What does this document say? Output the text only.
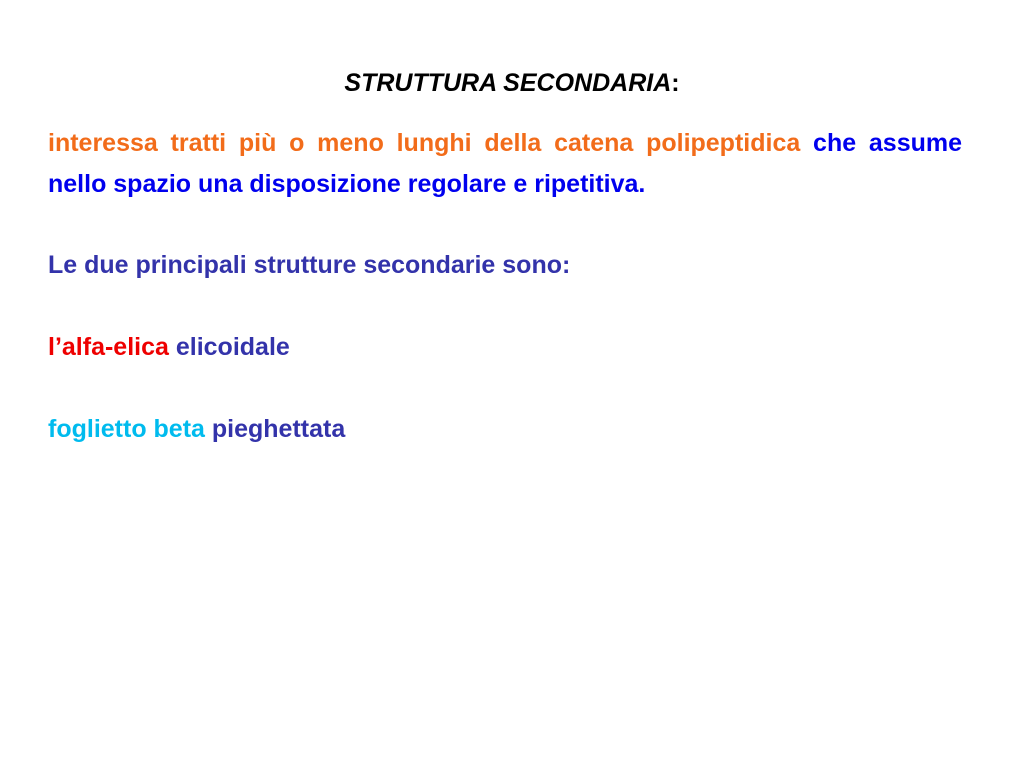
STRUTTURA SECONDARIA:
interessa tratti più o meno lunghi della catena polipeptidica che assume nello spazio una disposizione regolare e ripetitiva.
Le due principali strutture secondarie sono:
l’alfa-elica elicoidale
foglietto beta pieghettata
